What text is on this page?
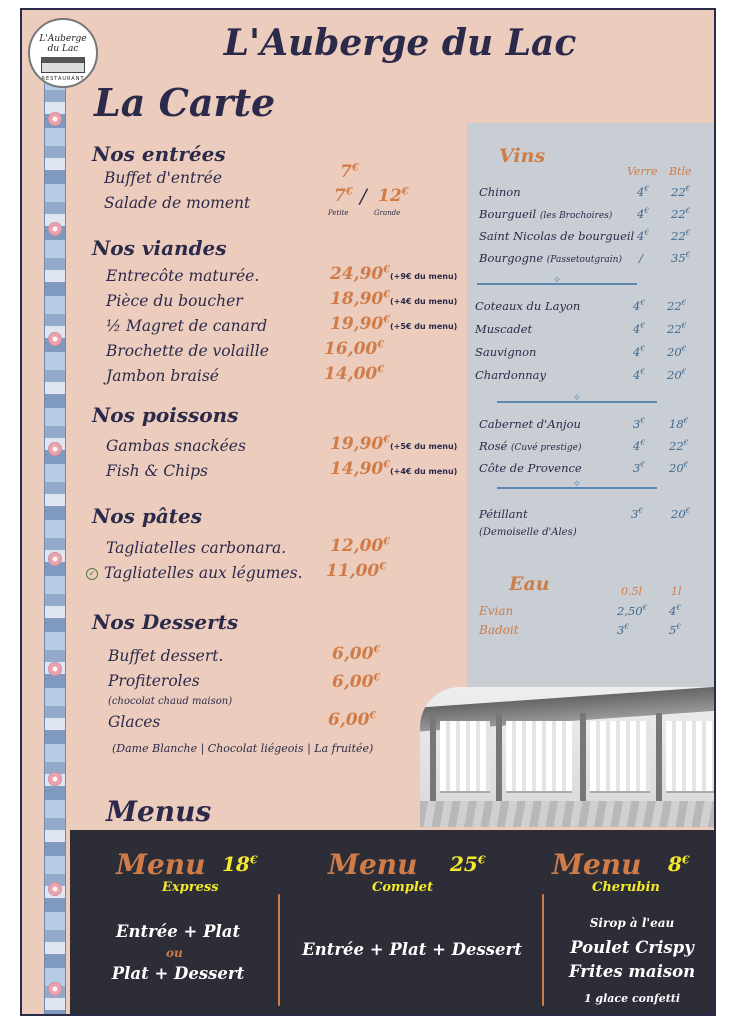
L'Auberge
du Lac
RESTAURANT
L'Auberge du Lac
La Carte
Nos entrées
Buffet d'entrée	7€
Salade de moment	7€ / 12€
Petite	Grande
Nos viandes
Entrecôte maturée.	24,90€
(+9€ du menu)
Pièce du boucher	18,90€
(+4€ du menu)
½ Magret de canard	19,90€
(+5€ du menu)
Brochette de volaille	16,00€
Jambon braisé	14,00€
Nos poissons
Gambas snackées	19,90€
(+5€ du menu)
Fish & Chips	14,90€
(+4€ du menu)
Nos pâtes
Tagliatelles carbonara.	12,00€
✓ Tagliatelles aux légumes. 11,00€
Nos Desserts
Buffet dessert.	6,00€
Profiteroles	6,00€
(chocolat chaud maison)
Glaces	6,00€
(Dame Blanche | Chocolat liégeois | La fruitée)
Vins
Verre Btle
Chinon	4€ 22€
Bourgueil (les Brochoires) 4€ 22€
Saint Nicolas de bourgueil 4€ 22€
Bourgogne (Passetoutgrain) / 35€
✧
Coteaux du Layon	4€ 22€
Muscadet	4€ 22€
Sauvignon	4€ 20€
Chardonnay	4€ 20€
✧
Cabernet d'Anjou	3€ 18€
Rosé (Cuvé prestige)	4€ 22€
Côte de Provence	3€ 20€
✧
Pétillant	3€ 20€
(Demoiselle d'Ales)
Eau	0.5l	1l
Evian	2,50€ 4€
Badoit	3€	5€
Menus
Menu 18€
Express
Entrée + Plat
ou
Plat + Dessert
Menu 25€
Complet
Entrée + Plat + Dessert
Menu 8€
Cherubin
Sirop à l'eau
Poulet Crispy
Frites maison
1 glace confetti
